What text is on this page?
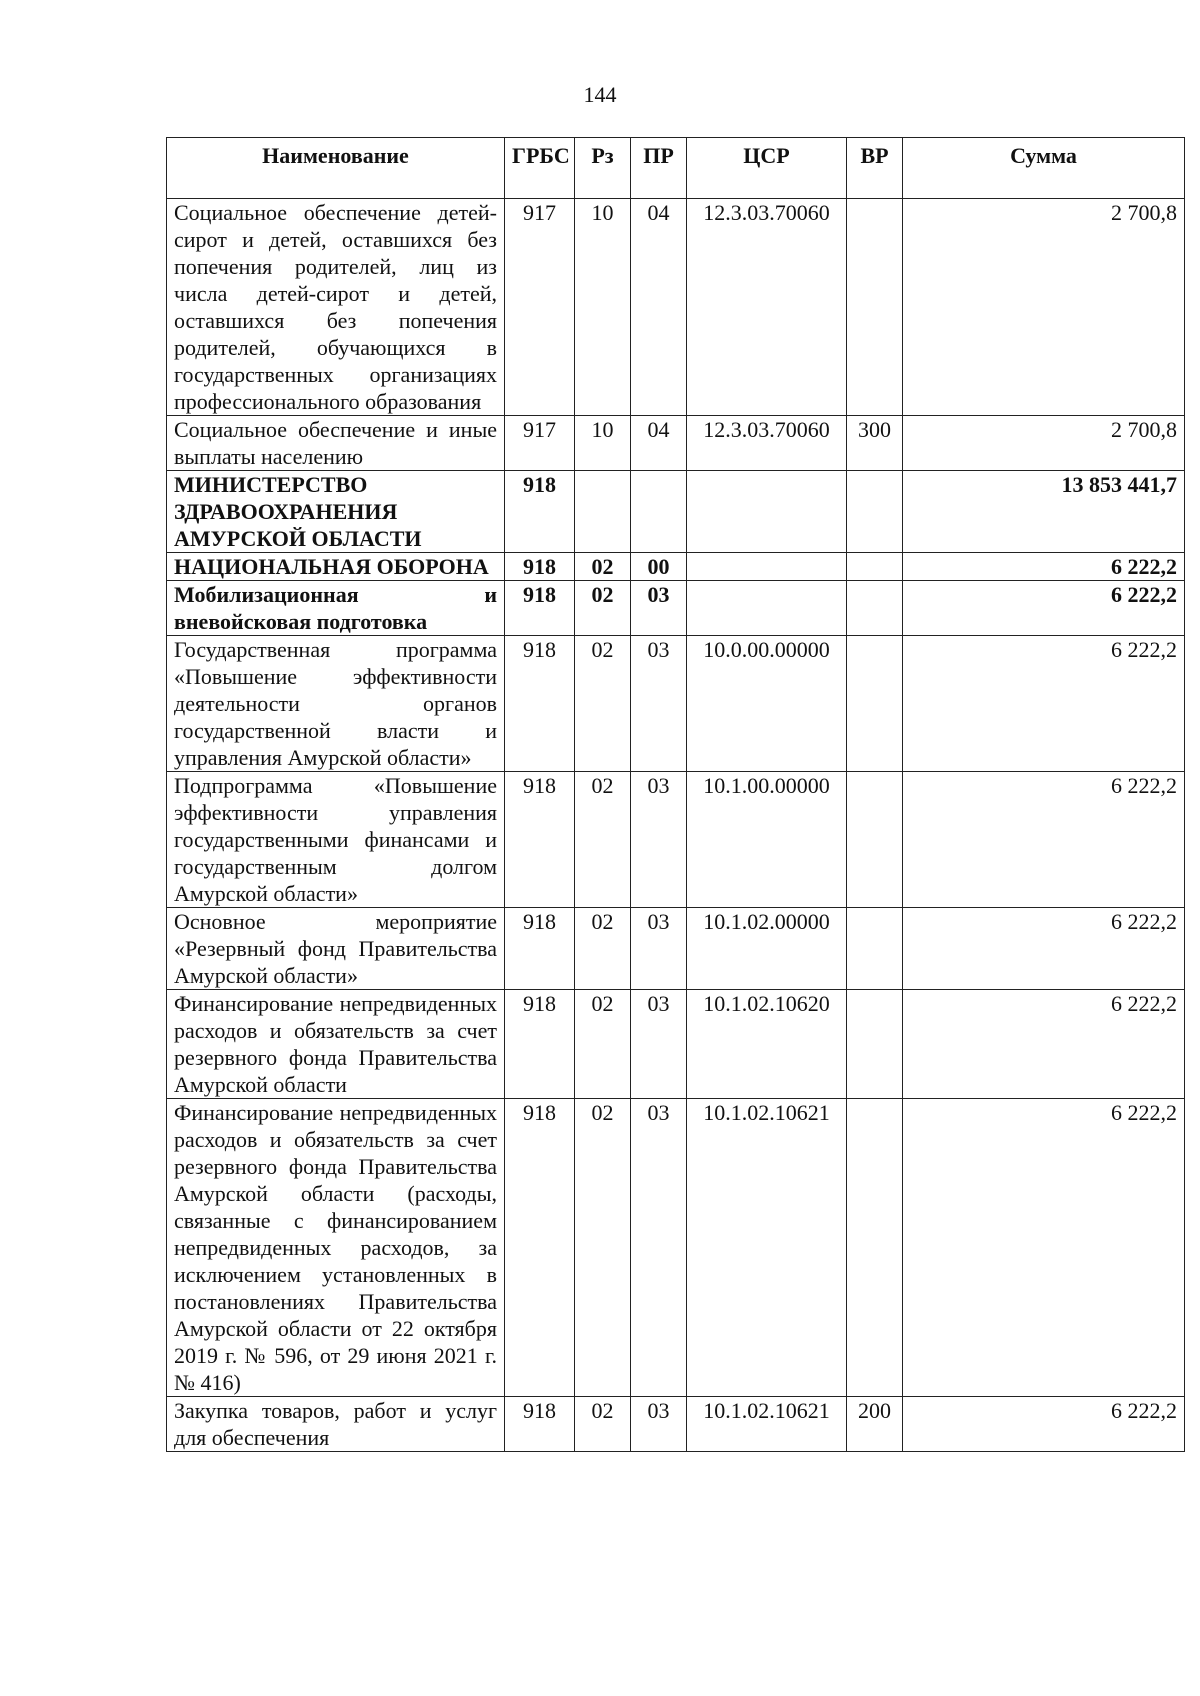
144
Наименование	ГРБС	Рз	ПР	ЦСР	ВР	Сумма
Социальное обеспечение детей-сирот и детей, оставшихся без попечения родителей, лиц из числа детей-сирот и детей, оставшихся без попечения родителей, обучающихся в государственных организациях профессионального образования	917	10	04	12.3.03.70060		2 700,8
Социальное обеспечение и иные выплаты населению	917	10	04	12.3.03.70060	300	2 700,8
МИНИСТЕРСТВО ЗДРАВООХРАНЕНИЯ АМУРСКОЙ ОБЛАСТИ	918					13 853 441,7
НАЦИОНАЛЬНАЯ ОБОРОНА	918	02	00			6 222,2
Мобилизационная и вневойсковая подготовка	918	02	03			6 222,2
Государственная программа «Повышение эффективности деятельности органов государственной власти и управления Амурской области»	918	02	03	10.0.00.00000		6 222,2
Подпрограмма «Повышение эффективности управления государственными финансами и государственным долгом Амурской области»	918	02	03	10.1.00.00000		6 222,2
Основное мероприятие «Резервный фонд Правительства Амурской области»	918	02	03	10.1.02.00000		6 222,2
Финансирование непредвиденных расходов и обязательств за счет резервного фонда Правительства Амурской области	918	02	03	10.1.02.10620		6 222,2
Финансирование непредвиденных расходов и обязательств за счет резервного фонда Правительства Амурской области (расходы, связанные с финансированием непредвиденных расходов, за исключением установленных в постановлениях Правительства Амурской области от 22 октября 2019 г. № 596, от 29 июня 2021 г. № 416)	918	02	03	10.1.02.10621		6 222,2
Закупка товаров, работ и услуг для обеспечения	918	02	03	10.1.02.10621	200	6 222,2
